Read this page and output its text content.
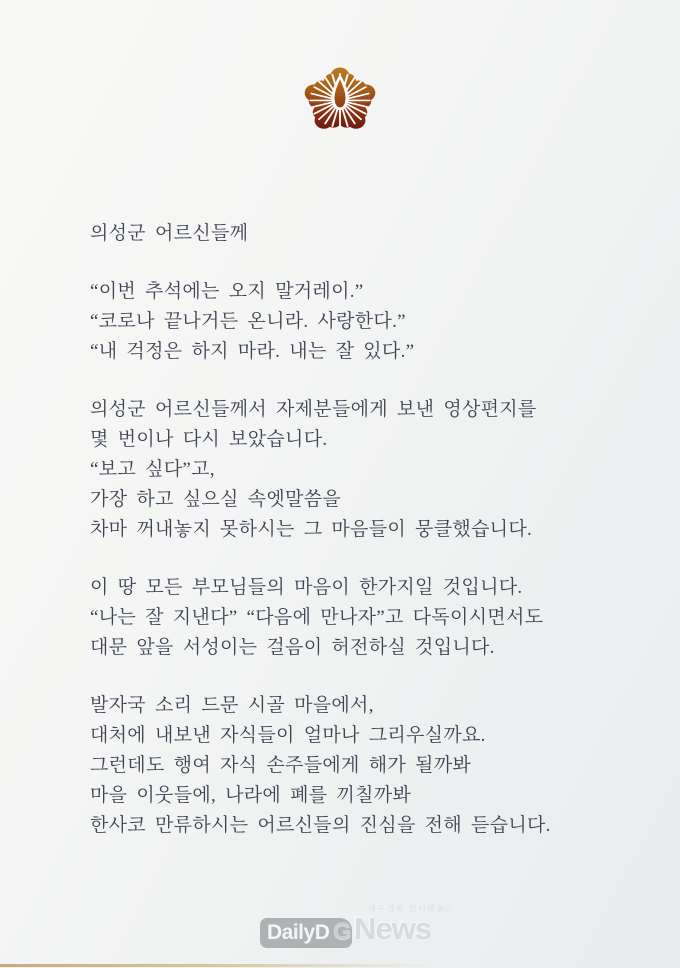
의성군 어르신들께

“이번 추석에는 오지 말거레이.”
“코로나 끝나거든 온니라. 사랑한다.”
“내 걱정은 하지 마라. 내는 잘 있다.”
의성군 어르신들께서 자제분들에게 보낸 영상편지를
몇 번이나 다시 보았습니다.
“보고 싶다”고,
가장 하고 싶으실 속엣말씀을
차마 꺼내놓지 못하시는 그 마음들이 뭉클했습니다.
이 땅 모든 부모님들의 마음이 한가지일 것입니다.
“나는 잘 지낸다” “다음에 만나자”고 다독이시면서도
대문 앞을 서성이는 걸음이 허전하실 것입니다.
발자국 소리 드문 시골 마을에서,
대처에 내보낸 자식들이 얼마나 그리우실까요.
그런데도 행여 자식 손주들에게 해가 될까봐
마을 이웃들에, 나라에 폐를 끼칠까봐
한사코 만류하시는 어르신들의 진심을 전해 듣습니다.
대구경북 인터넷뉴스
DailyD G News
